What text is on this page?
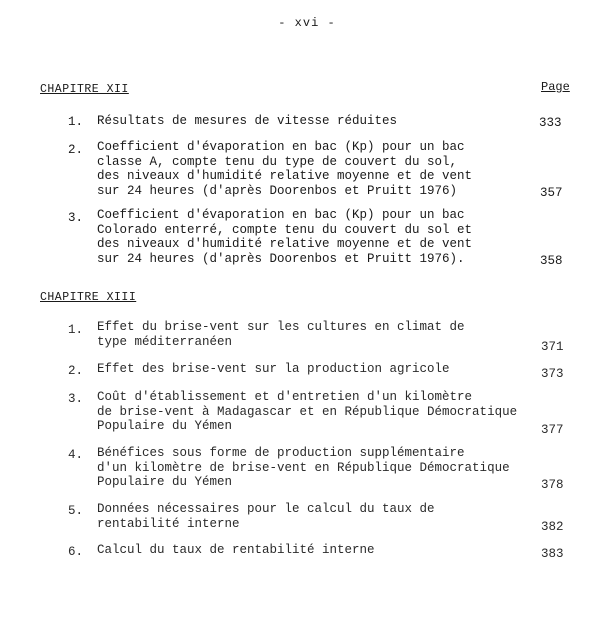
- xvi -
CHAPITRE XII	Page
1. Résultats de mesures de vitesse réduites	333
2. Coefficient d'évaporation en bac (Kp) pour un bac
classe A, compte tenu du type de couvert du sol,
des niveaux d'humidité relative moyenne et de vent
sur 24 heures (d'après Doorenbos et Pruitt 1976)	357
3. Coefficient d'évaporation en bac (Kp) pour un bac
Colorado enterré, compte tenu du couvert du sol et
des niveaux d'humidité relative moyenne et de vent
sur 24 heures (d'après Doorenbos et Pruitt 1976).	358
CHAPITRE XIII
1. Effet du brise-vent sur les cultures en climat de
type méditerranéen	371
2. Effet des brise-vent sur la production agricole	373
3. Coût d'établissement et d'entretien d'un kilomètre
de brise-vent à Madagascar et en République Démocratique
Populaire du Yémen	377
4. Bénéfices sous forme de production supplémentaire
d'un kilomètre de brise-vent en République Démocratique
Populaire du Yémen	378
5. Données nécessaires pour le calcul du taux de
rentabilité interne	382
6. Calcul du taux de rentabilité interne	383
